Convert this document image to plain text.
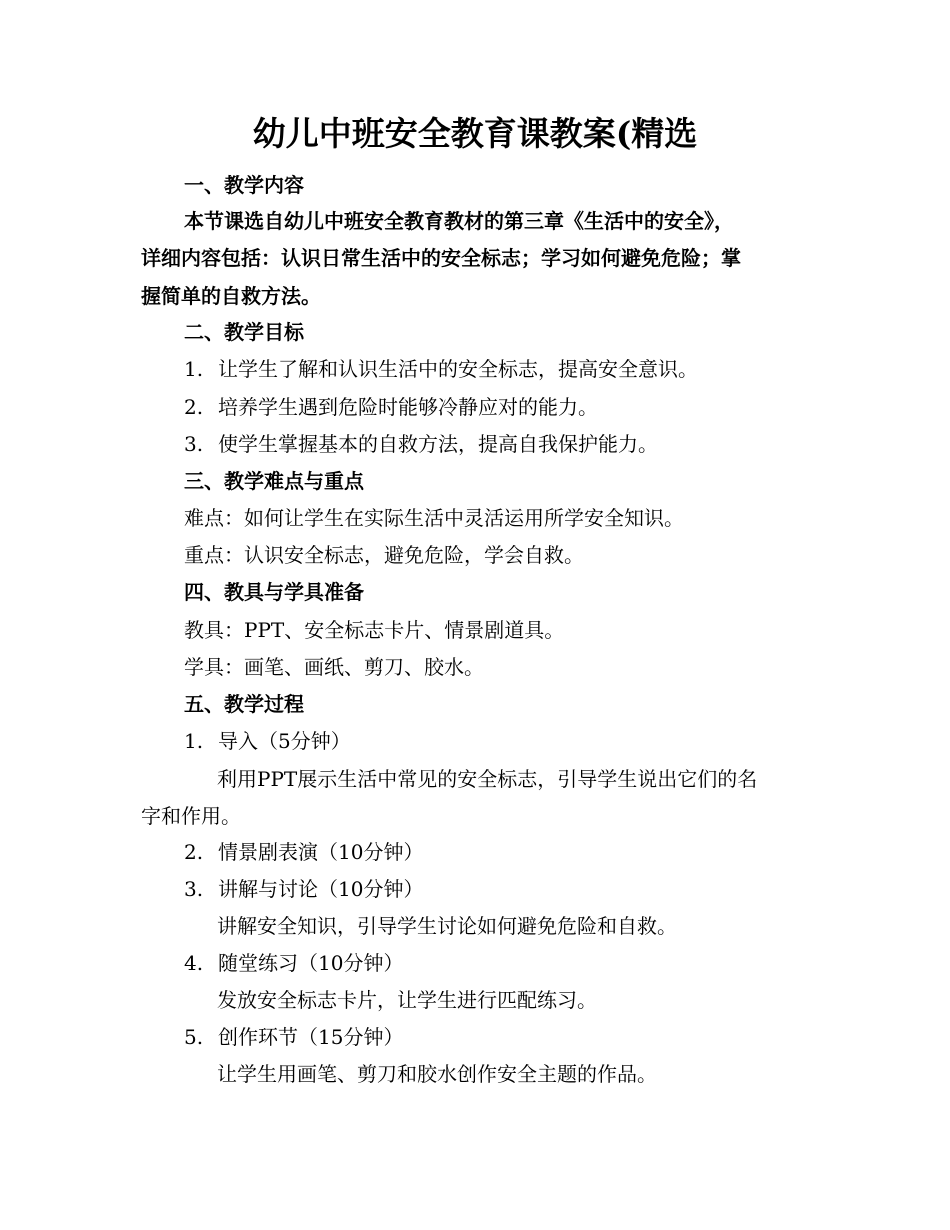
幼儿中班安全教育课教案(精选
一、教学内容
本节课选自幼儿中班安全教育教材的第三章《生活中的安全》，
详细内容包括：认识日常生活中的安全标志；学习如何避免危险；掌
握简单的自救方法。
二、教学目标
1. 让学生了解和认识生活中的安全标志，提高安全意识。
2. 培养学生遇到危险时能够冷静应对的能力。
3. 使学生掌握基本的自救方法，提高自我保护能力。
三、教学难点与重点
难点：如何让学生在实际生活中灵活运用所学安全知识。
重点：认识安全标志，避免危险，学会自救。
四、教具与学具准备
教具：PPT、安全标志卡片、情景剧道具。
学具：画笔、画纸、剪刀、胶水。
五、教学过程
1. 导入（5分钟）
利用PPT展示生活中常见的安全标志，引导学生说出它们的名
字和作用。
2. 情景剧表演（10分钟）
3. 讲解与讨论（10分钟）
讲解安全知识，引导学生讨论如何避免危险和自救。
4. 随堂练习（10分钟）
发放安全标志卡片，让学生进行匹配练习。
5. 创作环节（15分钟）
让学生用画笔、剪刀和胶水创作安全主题的作品。
